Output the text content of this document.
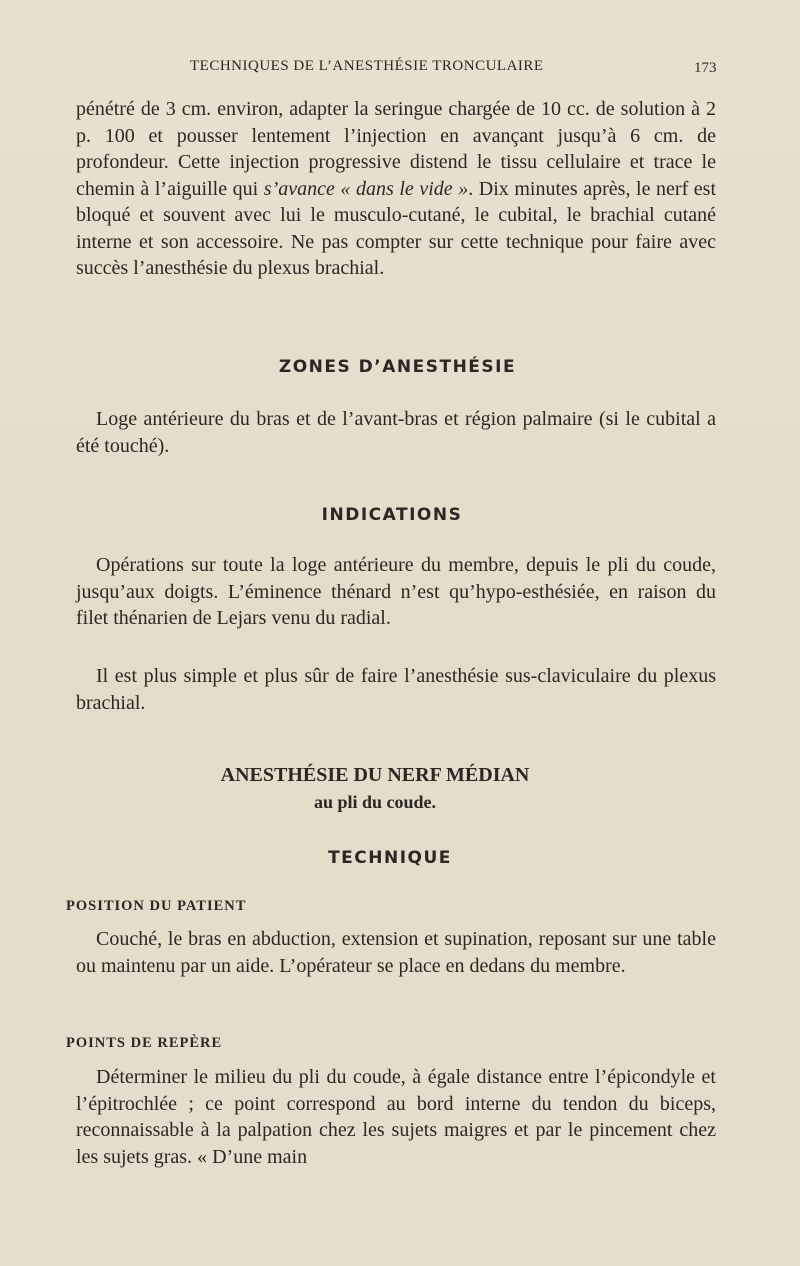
TECHNIQUES DE L’ANESTHÉSIE TRONCULAIRE	173
pénétré de 3 cm. environ, adapter la seringue chargée de 10 cc. de solution à 2 p. 100 et pousser lentement l’injection en avançant jusqu’à 6 cm. de profondeur. Cette injection progressive distend le tissu cellulaire et trace le chemin à l’aiguille qui s’avance « dans le vide ». Dix minutes après, le nerf est bloqué et souvent avec lui le musculo-cutané, le cubital, le brachial cutané interne et son accessoire. Ne pas compter sur cette technique pour faire avec succès l’anesthésie du plexus brachial.
ZONES D’ANESTHÉSIE
Loge antérieure du bras et de l’avant-bras et région palmaire (si le cubital a été touché).
INDICATIONS
Opérations sur toute la loge antérieure du membre, depuis le pli du coude, jusqu’aux doigts. L’éminence thénard n’est qu’hypo-esthésiée, en raison du filet thénarien de Lejars venu du radial.
Il est plus simple et plus sûr de faire l’anesthésie sus-claviculaire du plexus brachial.
ANESTHÉSIE DU NERF MÉDIAN
au pli du coude.
TECHNIQUE
POSITION DU PATIENT
Couché, le bras en abduction, extension et supination, reposant sur une table ou maintenu par un aide. L’opérateur se place en dedans du membre.
POINTS DE REPÈRE
Déterminer le milieu du pli du coude, à égale distance entre l’épicondyle et l’épitrochlée ; ce point correspond au bord interne du tendon du biceps, reconnaissable à la palpation chez les sujets maigres et par le pincement chez les sujets gras. « D’une main
